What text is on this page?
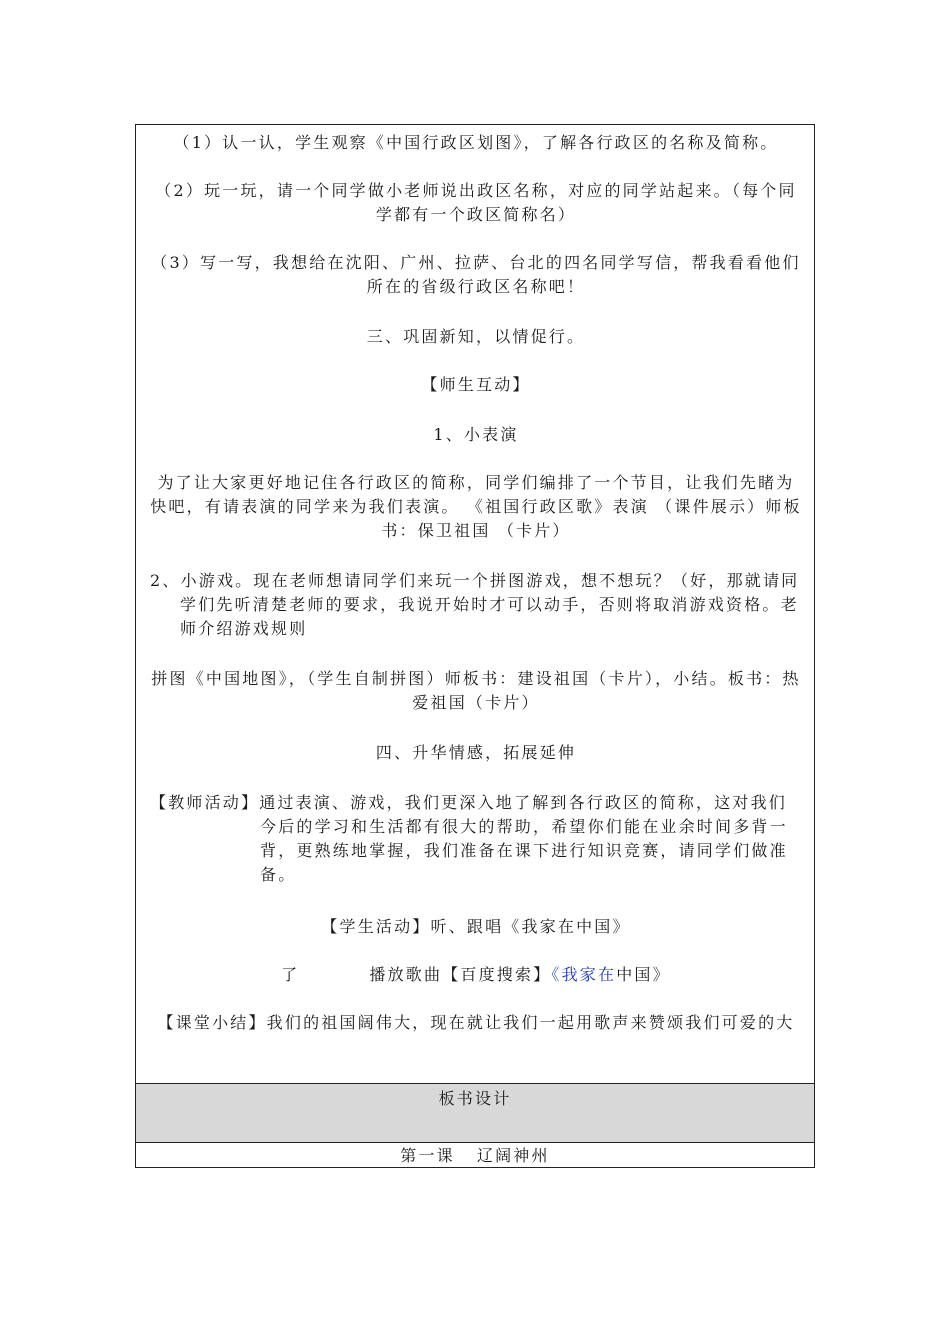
（1）认一认，学生观察《中国行政区划图》，了解各行政区的名称及简称。

（2）玩一玩，请一个同学做小老师说出政区名称，对应的同学站起来。（每个同学都有一个政区简称名）

（3）写一写，我想给在沈阳、广州、拉萨、台北的四名同学写信，帮我看看他们所在的省级行政区名称吧！

三、巩固新知，以情促行。

【师生互动】

1、小表演

为了让大家更好地记住各行政区的简称，同学们编排了一个节目，让我们先睹为快吧，有请表演的同学来为我们表演。 《祖国行政区歌》表演 （课件展示）师板书：保卫祖国 （卡片）

2、小游戏。现在老师想请同学们来玩一个拼图游戏，想不想玩？（好，那就请同学们先听清楚老师的要求，我说开始时才可以动手，否则将取消游戏资格。老师介绍游戏规则

拼图《中国地图》，（学生自制拼图）师板书：建设祖国（卡片），小结。板书：热爱祖国（卡片）

四、升华情感，拓展延伸

【教师活动】通过表演、游戏，我们更深入地了解到各行政区的简称，这对我们今后的学习和生活都有很大的帮助，希望你们能在业余时间多背一背，更熟练地掌握，我们准备在课下进行知识竞赛，请同学们做准备。

【学生活动】听、跟唱《我家在中国》

了	播放歌曲【百度搜索】《我家在中国》

【课堂小结】我们的祖国阔伟大，现在就让我们一起用歌声来赞颂我们可爱的大

板书设计
第一课 辽阔神州
